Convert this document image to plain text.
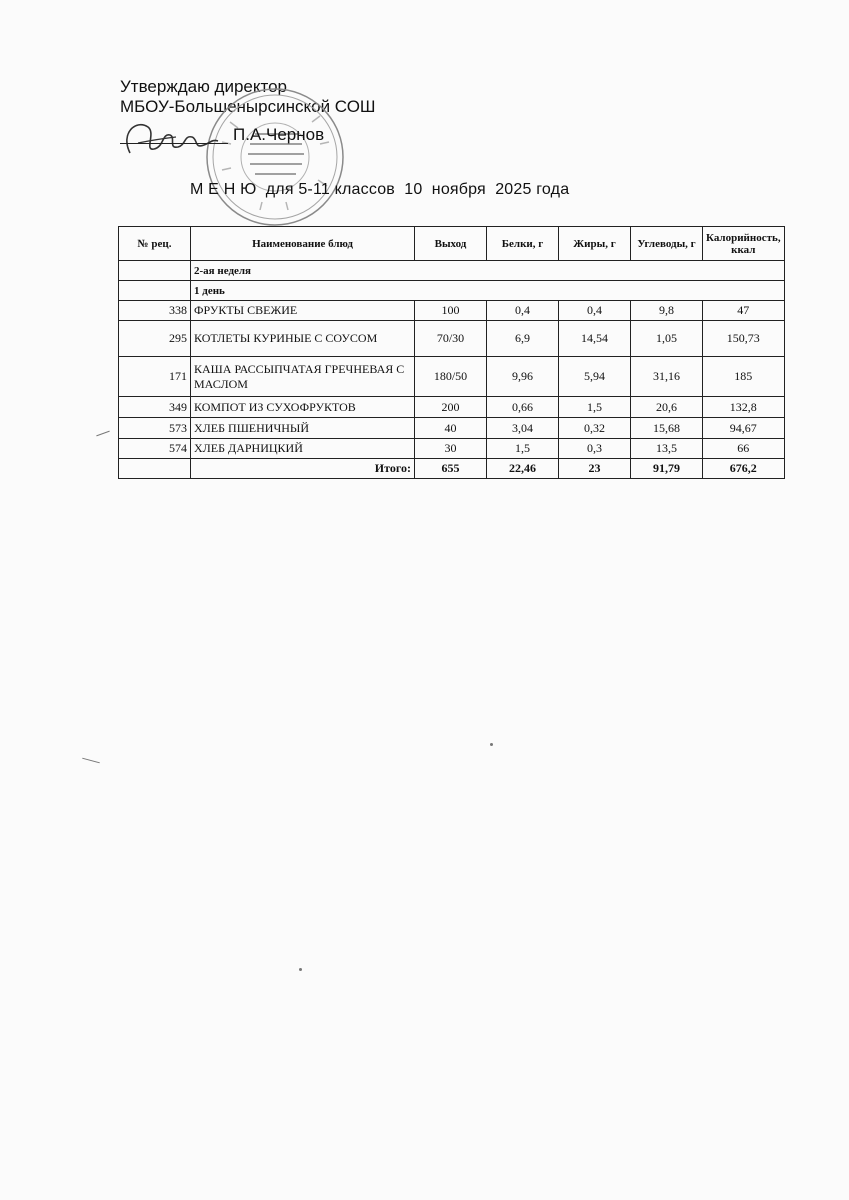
Утверждаю директор
МБОУ-Большенырсинской СОШ
П.А.Чернов
М Е Н Ю  для 5-11 классов  10  ноября  2025 года
№ рец.	Наименование блюд	Выход	Белки, г	Жиры, г	Углеводы, г	Калорийность, ккал
	2-ая неделя					
	1 день					
338	ФРУКТЫ СВЕЖИЕ	100	0,4	0,4	9,8	47
295	КОТЛЕТЫ КУРИНЫЕ С СОУСОМ	70/30	6,9	14,54	1,05	150,73
171	КАША РАССЫПЧАТАЯ ГРЕЧНЕВАЯ С МАСЛОМ	180/50	9,96	5,94	31,16	185
349	КОМПОТ ИЗ СУХОФРУКТОВ	200	0,66	1,5	20,6	132,8
573	ХЛЕБ ПШЕНИЧНЫЙ	40	3,04	0,32	15,68	94,67
574	ХЛЕБ ДАРНИЦКИЙ	30	1,5	0,3	13,5	66
	Итого:	655	22,46	23	91,79	676,2
